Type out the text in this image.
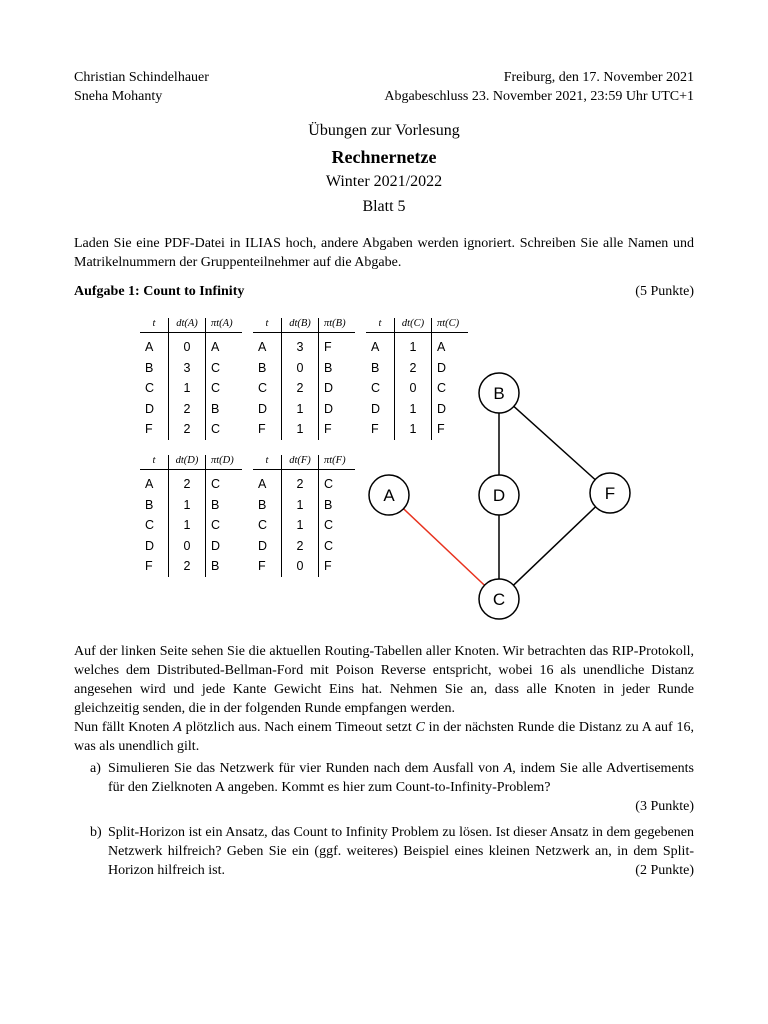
Christian Schindelhauer	Freiburg, den 17. November 2021
Sneha Mohanty	Abgabeschluss 23. November 2021, 23:59 Uhr UTC+1
Übungen zur Vorlesung
Rechnernetze
Winter 2021/2022
Blatt 5
Laden Sie eine PDF-Datei in ILIAS hoch, andere Abgaben werden ignoriert. Schreiben Sie alle Namen und Matrikelnummern der Gruppenteilnehmer auf die Abgabe.
Aufgabe 1: Count to Infinity	(5 Punkte)
t	dt(A)	πt(A)
A	0	A
B	3	C
C	1	C
D	2	B
F	2	C
t	dt(B)	πt(B)
A	3	F
B	0	B
C	2	D
D	1	D
F	1	F
t	dt(C)	πt(C)
A	1	A
B	2	D
C	0	C
D	1	D
F	1	F
t	dt(D)	πt(D)
A	2	C
B	1	B
C	1	C
D	0	D
F	2	B
t	dt(F)	πt(F)
A	2	C
B	1	B
C	1	C
D	2	C
F	0	F
B
A	D	F
C
Auf der linken Seite sehen Sie die aktuellen Routing-Tabellen aller Knoten. Wir betrachten das RIP-Protokoll, welches dem Distributed-Bellman-Ford mit Poison Reverse entspricht, wobei 16 als unendliche Distanz angesehen wird und jede Kante Gewicht Eins hat. Nehmen Sie an, dass alle Knoten in jeder Runde gleichzeitig senden, die in der folgenden Runde empfangen werden.
Nun fällt Knoten A plötzlich aus. Nach einem Timeout setzt C in der nächsten Runde die Distanz zu A auf 16, was als unendlich gilt.
a) Simulieren Sie das Netzwerk für vier Runden nach dem Ausfall von A, indem Sie alle Advertisements für den Zielknoten A angeben. Kommt es hier zum Count-to-Infinity-Problem?

(3 Punkte)
b) Split-Horizon ist ein Ansatz, das Count to Infinity Problem zu lösen. Ist dieser Ansatz in dem gegebenen Netzwerk hilfreich? Geben Sie ein (ggf. weiteres) Beispiel eines kleinen Netzwerk an, in dem Split-Horizon hilfreich ist.	(2 Punkte)
